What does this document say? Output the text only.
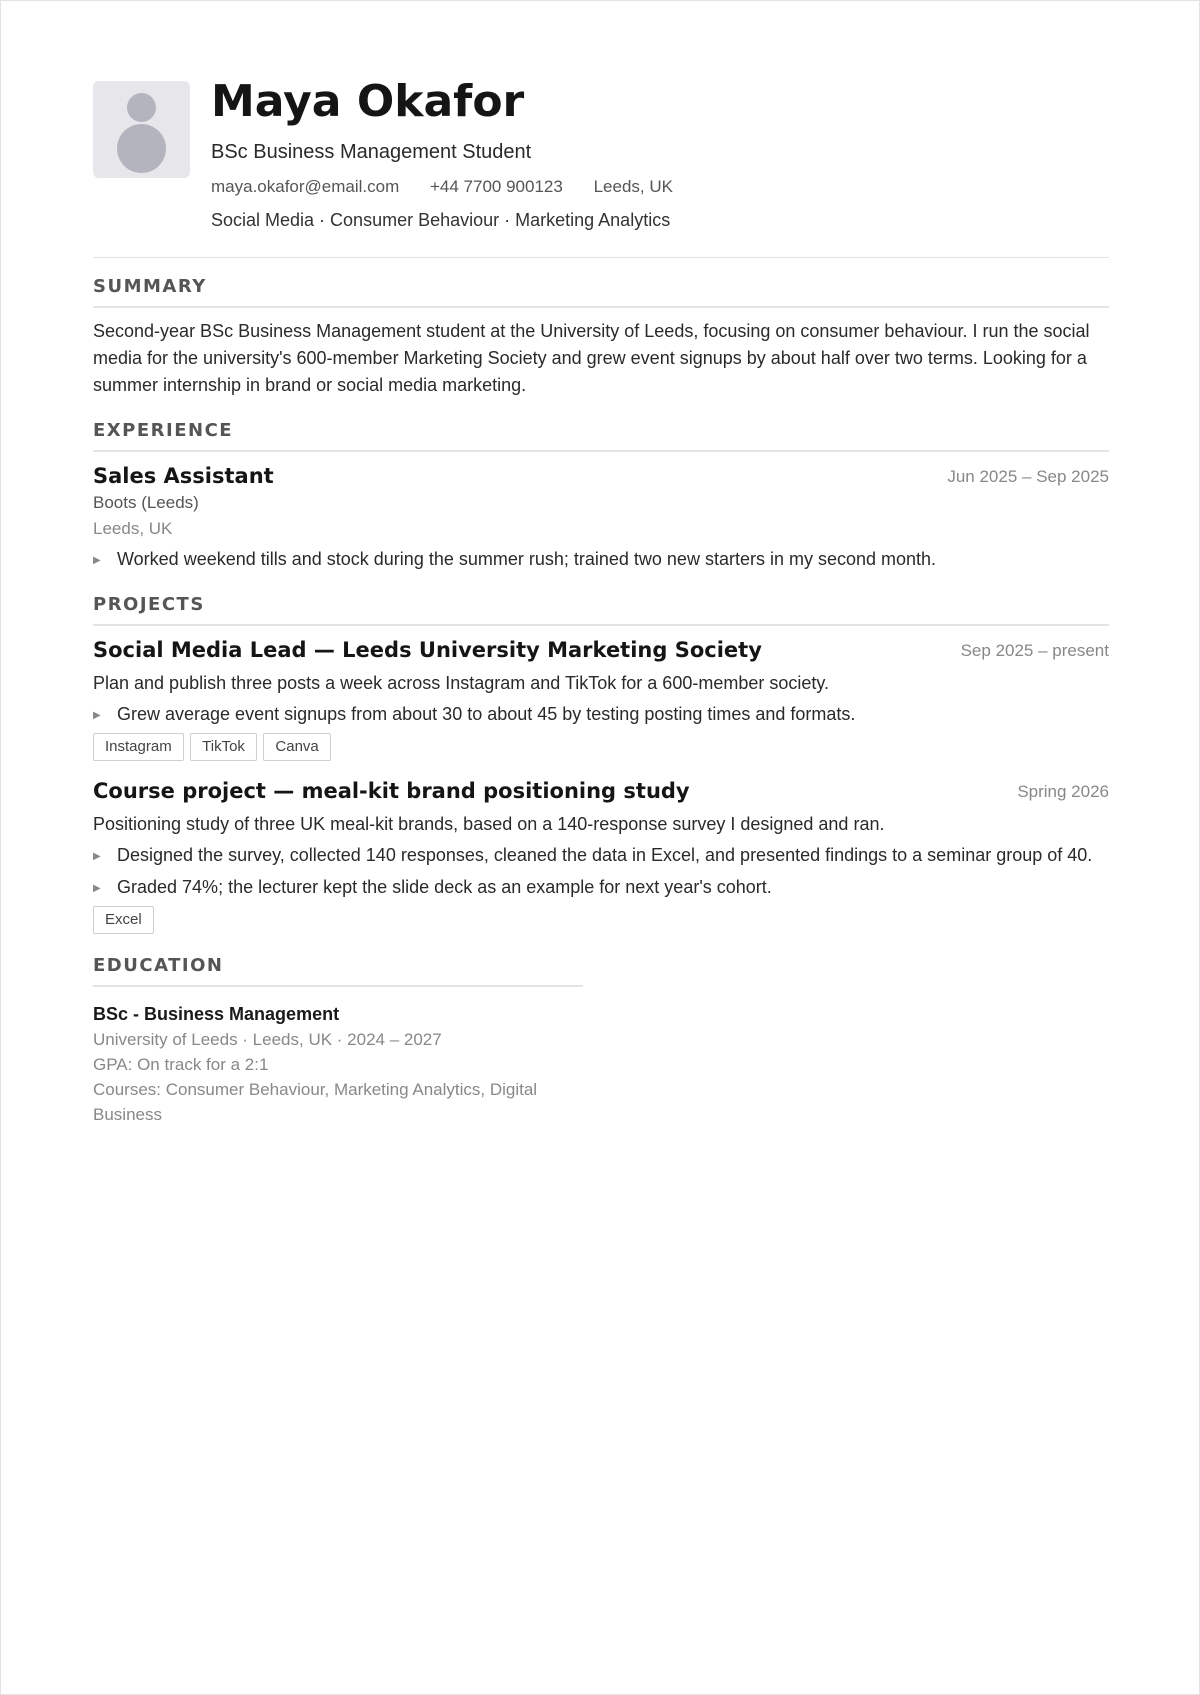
Maya Okafor
BSc Business Management Student
maya.okafor@email.com +44 7700 900123 Leeds, UK
Social Media · Consumer Behaviour · Marketing Analytics
SUMMARY
Second-year BSc Business Management student at the University of Leeds, focusing on consumer behaviour. I run the social media for the university's 600-member Marketing Society and grew event signups by about half over two terms. Looking for a summer internship in brand or social media marketing.
EXPERIENCE
Sales Assistant	Jun 2025 – Sep 2025
Boots (Leeds)
Leeds, UK
▶ Worked weekend tills and stock during the summer rush; trained two new starters in my second month.
PROJECTS
Social Media Lead — Leeds University Marketing Society	Sep 2025 – present
Plan and publish three posts a week across Instagram and TikTok for a 600-member society.
▶ Grew average event signups from about 30 to about 45 by testing posting times and formats.
Instagram TikTok Canva
Course project — meal-kit brand positioning study	Spring 2026
Positioning study of three UK meal-kit brands, based on a 140-response survey I designed and ran.
▶ Designed the survey, collected 140 responses, cleaned the data in Excel, and presented findings to a seminar group of 40.
▶ Graded 74%; the lecturer kept the slide deck as an example for next year's cohort.
Excel
EDUCATION
BSc - Business Management
University of Leeds · Leeds, UK · 2024 – 2027
GPA: On track for a 2:1
Courses: Consumer Behaviour, Marketing Analytics, Digital Business
